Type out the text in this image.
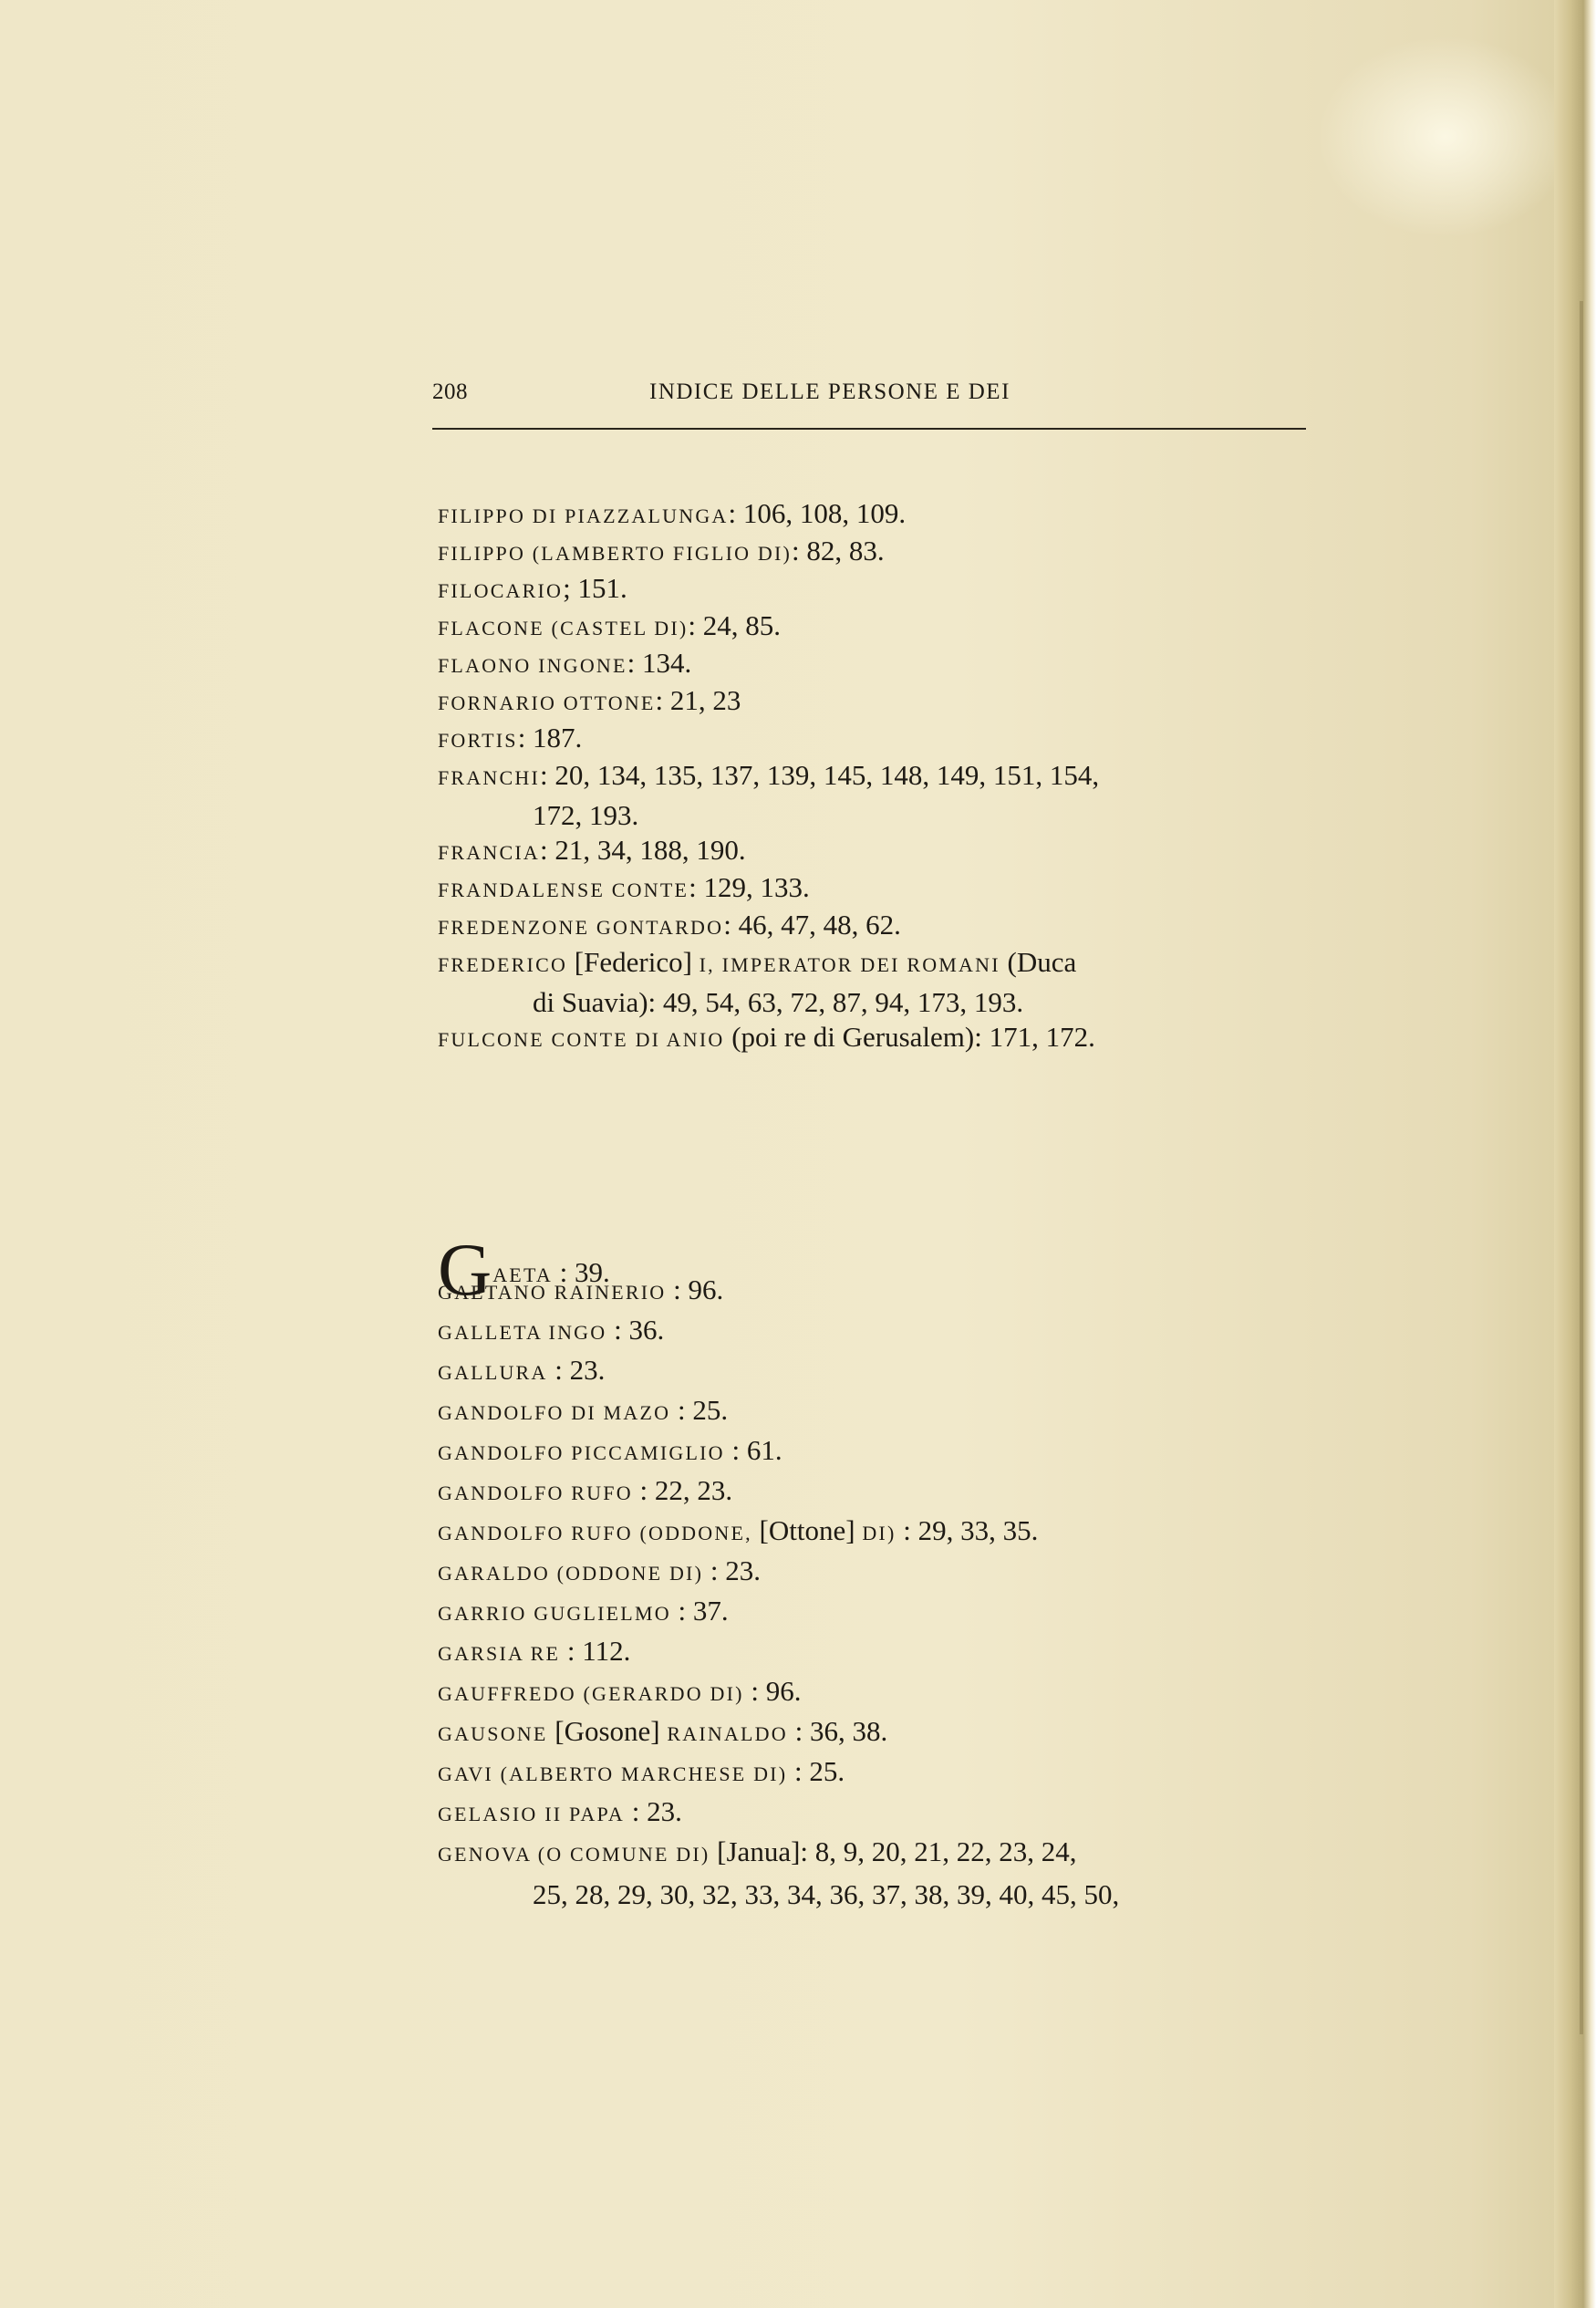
208	INDICE DELLE PERSONE E DEI
FILIPPO DI PIAZZALUNGA: 106, 108, 109.
FILIPPO (LAMBERTO FIGLIO DI): 82, 83.
FILOCARIO; 151.
FLACONE (CASTEL DI): 24, 85.
FLAONO INGONE: 134.
FORNARIO OTTONE: 21, 23
FORTIS: 187.
FRANCHI: 20, 134, 135, 137, 139, 145, 148, 149, 151, 154,
172, 193.
FRANCIA: 21, 34, 188, 190.
FRANDALENSE CONTE: 129, 133.
FREDENZONE GONTARDO: 46, 47, 48, 62.
FREDERICO [Federico] I, IMPERATOR DEI ROMANI (Duca
di Suavia): 49, 54, 63, 72, 87, 94, 173, 193.
FULCONE CONTE DI ANIO (poi re di Gerusalem): 171, 172.
GAETA : 39.
GAETANO RAINERIO : 96.
GALLETA INGO : 36.
GALLURA : 23.
GANDOLFO DI MAZO : 25.
GANDOLFO PICCAMIGLIO : 61.
GANDOLFO RUFO : 22, 23.
GANDOLFO RUFO (ODDONE, [Ottone] DI) : 29, 33, 35.
GARALDO (ODDONE DI) : 23.
GARRIO GUGLIELMO : 37.
GARSIA RE : 112.
GAUFFREDO (GERARDO DI) : 96.
GAUSONE [Gosone] RAINALDO : 36, 38.
GAVI (ALBERTO MARCHESE DI) : 25.
GELASIO II PAPA : 23.
GENOVA (O COMUNE DI) [Janua]: 8, 9, 20, 21, 22, 23, 24,
25, 28, 29, 30, 32, 33, 34, 36, 37, 38, 39, 40, 45, 50,
